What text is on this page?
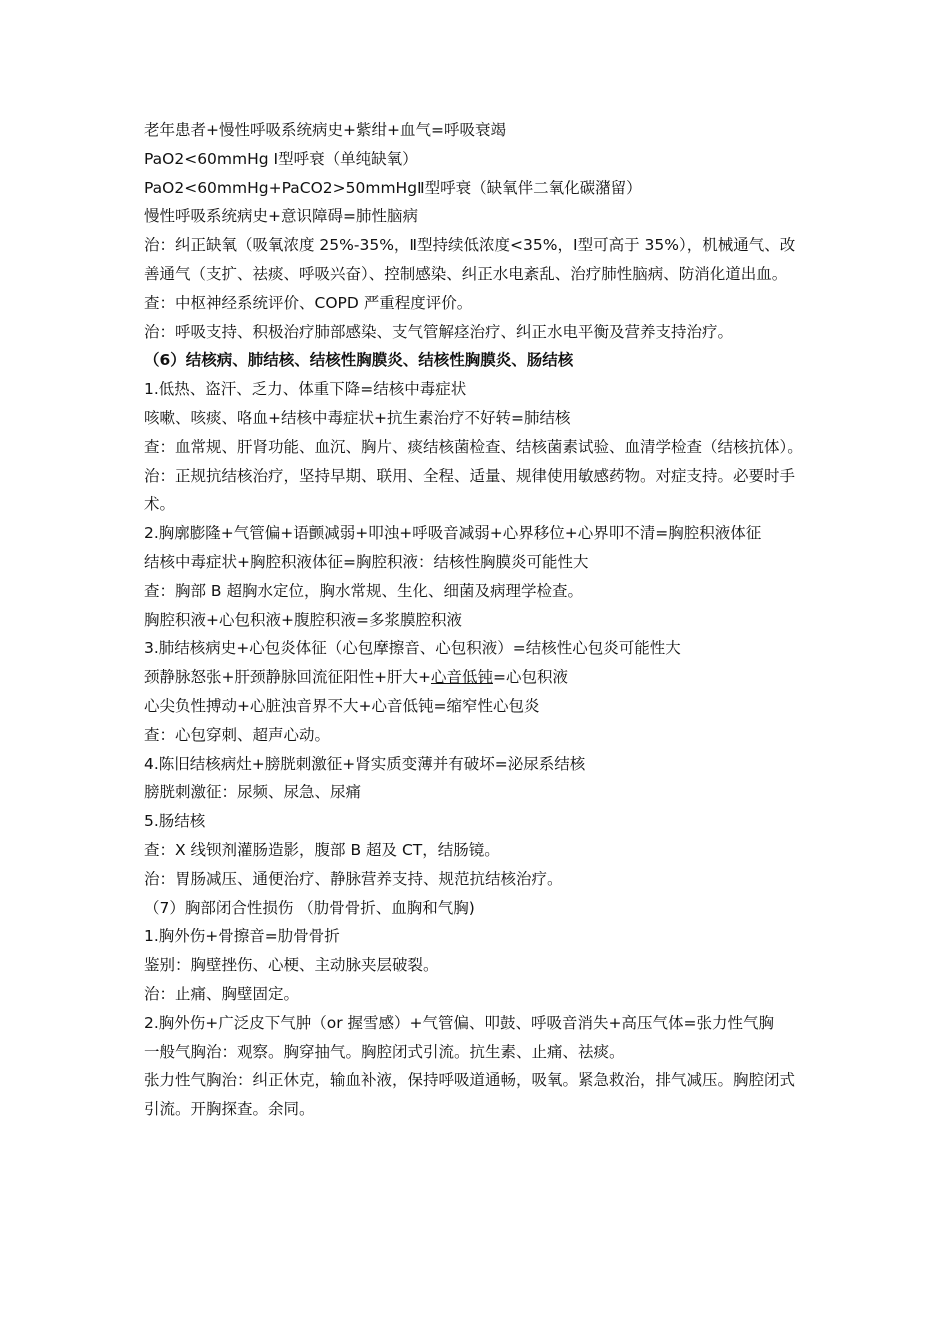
老年患者+慢性呼吸系统病史+紫绀+血气=呼吸衰竭
PaO2<60mmHg Ⅰ型呼衰（单纯缺氧）
PaO2<60mmHg+PaCO2>50mmHgⅡ型呼衰（缺氧伴二氧化碳潴留）
慢性呼吸系统病史+意识障碍=肺性脑病
治：纠正缺氧（吸氧浓度 25%-35%，Ⅱ型持续低浓度<35%，Ⅰ型可高于 35%），机械通气、改善通气（支扩、祛痰、呼吸兴奋）、控制感染、纠正水电紊乱、治疗肺性脑病、防消化道出血。
查：中枢神经系统评价、COPD 严重程度评价。
治：呼吸支持、积极治疗肺部感染、支气管解痉治疗、纠正水电平衡及营养支持治疗。
（6）结核病、肺结核、结核性胸膜炎、结核性胸膜炎、肠结核
1.低热、盗汗、乏力、体重下降=结核中毒症状
咳嗽、咳痰、咯血+结核中毒症状+抗生素治疗不好转=肺结核
查：血常规、肝肾功能、血沉、胸片、痰结核菌检查、结核菌素试验、血清学检查（结核抗体）。
治：正规抗结核治疗，坚持早期、联用、全程、适量、规律使用敏感药物。对症支持。必要时手术。
2.胸廓膨隆+气管偏+语颤减弱+叩浊+呼吸音减弱+心界移位+心界叩不清=胸腔积液体征
结核中毒症状+胸腔积液体征=胸腔积液：结核性胸膜炎可能性大
查：胸部 B 超胸水定位，胸水常规、生化、细菌及病理学检查。
胸腔积液+心包积液+腹腔积液=多浆膜腔积液
3.肺结核病史+心包炎体征（心包摩擦音、心包积液）=结核性心包炎可能性大
颈静脉怒张+肝颈静脉回流征阳性+肝大+心音低钝=心包积液
心尖负性搏动+心脏浊音界不大+心音低钝=缩窄性心包炎
查：心包穿刺、超声心动。
4.陈旧结核病灶+膀胱刺激征+肾实质变薄并有破坏=泌尿系结核
膀胱刺激征：尿频、尿急、尿痛
5.肠结核
查：X 线钡剂灌肠造影，腹部 B 超及 CT，结肠镜。
治：胃肠减压、通便治疗、静脉营养支持、规范抗结核治疗。
（7）胸部闭合性损伤 （肋骨骨折、血胸和气胸)
1.胸外伤+骨擦音=肋骨骨折
鉴别：胸壁挫伤、心梗、主动脉夹层破裂。
治：止痛、胸壁固定。
2.胸外伤+广泛皮下气肿（or 握雪感）+气管偏、叩鼓、呼吸音消失+高压气体=张力性气胸
一般气胸治：观察。胸穿抽气。胸腔闭式引流。抗生素、止痛、祛痰。
张力性气胸治：纠正休克，输血补液，保持呼吸道通畅，吸氧。紧急救治，排气减压。胸腔闭式引流。开胸探查。余同。
